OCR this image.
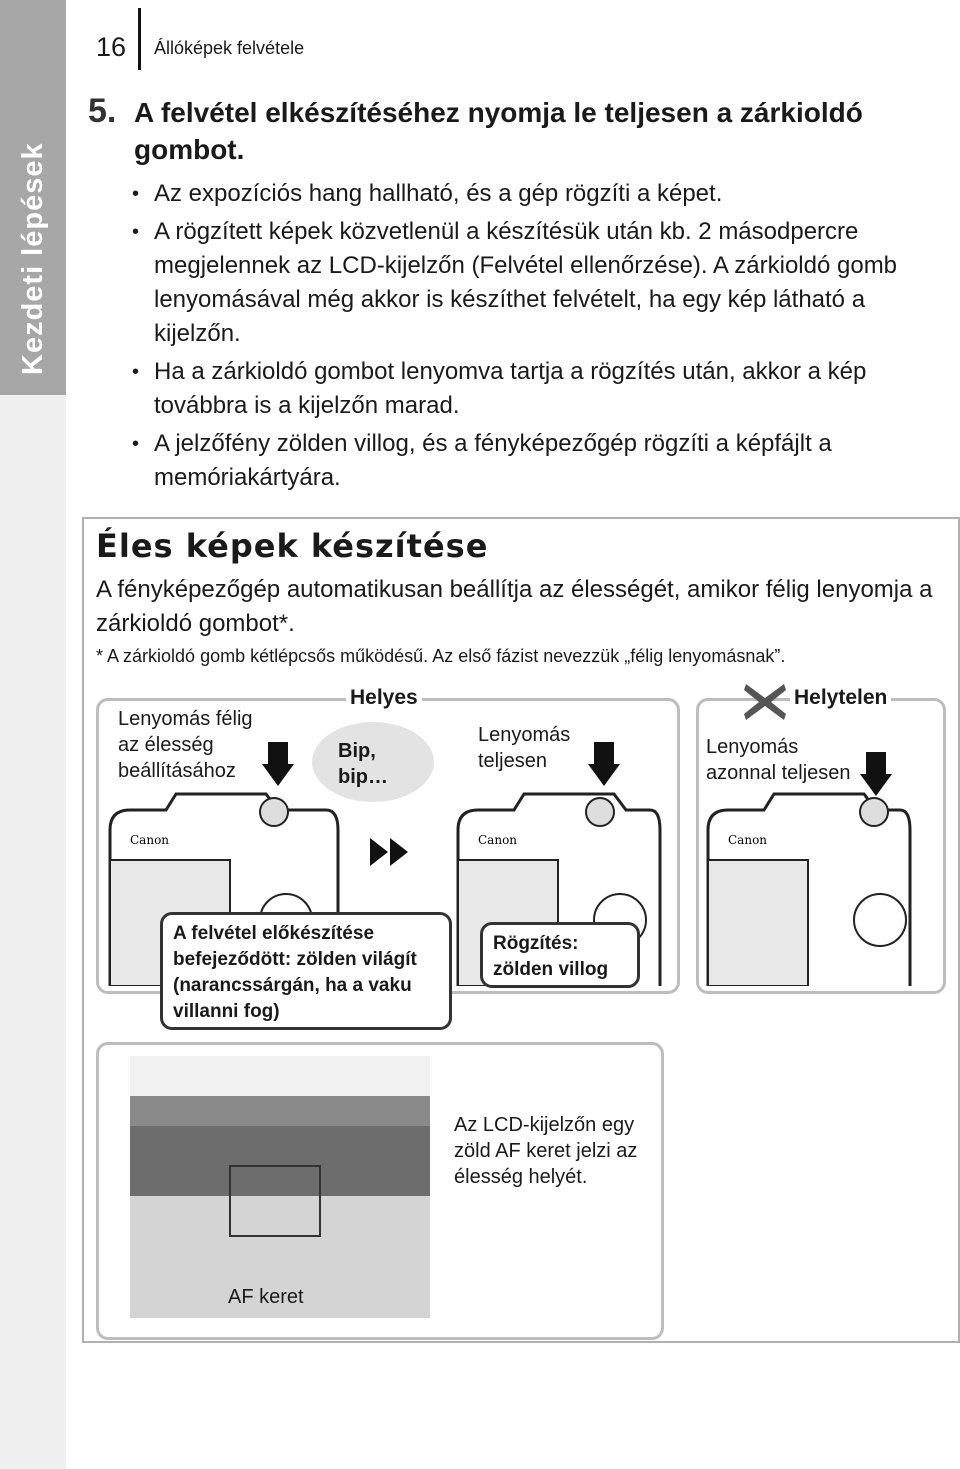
Kezdeti lépések
16 Állóképek felvétele
5. A felvétel elkészítéséhez nyomja le teljesen a zárkioldó gombot.
• Az expozíciós hang hallható, és a gép rögzíti a képet.
• A rögzített képek közvetlenül a készítésük után kb. 2 másodpercre megjelennek az LCD-kijelzőn (Felvétel ellenőrzése). A zárkioldó gomb lenyomásával még akkor is készíthet felvételt, ha egy kép látható a kijelzőn.
• Ha a zárkioldó gombot lenyomva tartja a rögzítés után, akkor a kép továbbra is a kijelzőn marad.
• A jelzőfény zölden villog, és a fényképezőgép rögzíti a képfájlt a memóriakártyára.
Éles képek készítése
A fényképezőgép automatikusan beállítja az élességét, amikor félig lenyomja a zárkioldó gombot*.
* A zárkioldó gomb kétlépcsős működésű. Az első fázist nevezzük „félig lenyomásnak”.
Helyes	Helytelen
Lenyomás félig az élesség beállításához
Bip, bip…
Lenyomás teljesen
Lenyomás azonnal teljesen
Canon	Canon	Canon
A felvétel előkészítése befejeződött: zölden világít (narancssárgán, ha a vaku villanni fog)
Rögzítés: zölden villog
Az LCD-kijelzőn egy zöld AF keret jelzi az élesség helyét.
AF keret
